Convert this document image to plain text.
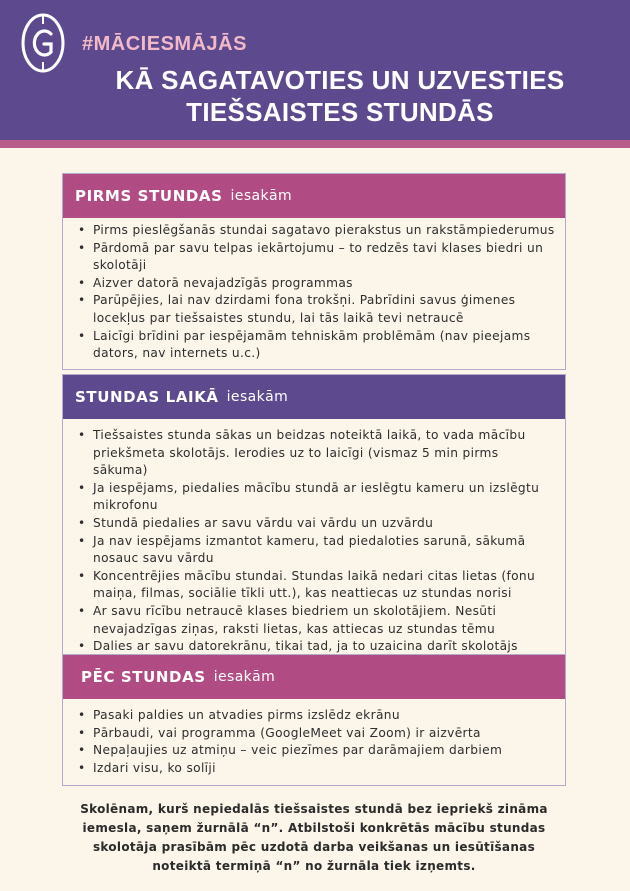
#MĀCIESMĀJĀS
KĀ SAGATAVOTIES UN UZVESTIES
TIEŠSAISTES STUNDĀS
PIRMS STUNDAS iesakām
• Pirms pieslēgšanās stundai sagatavo pierakstus un rakstāmpiederumus
• Pārdomā par savu telpas iekārtojumu – to redzēs tavi klases biedri un skolotāji
• Aizver datorā nevajadzīgās programmas
• Parūpējies, lai nav dzirdami fona trokšņi. Pabrīdini savus ģimenes locekļus par tiešsaistes stundu, lai tās laikā tevi netraucē
• Laicīgi brīdini par iespējamām tehniskām problēmām (nav pieejams dators, nav internets u.c.)
STUNDAS LAIKĀ iesakām
• Tiešsaistes stunda sākas un beidzas noteiktā laikā, to vada mācību priekšmeta skolotājs. Ierodies uz to laicīgi (vismaz 5 min pirms sākuma)
• Ja iespējams, piedalies mācību stundā ar ieslēgtu kameru un izslēgtu mikrofonu
• Stundā piedalies ar savu vārdu vai vārdu un uzvārdu
• Ja nav iespējams izmantot kameru, tad piedaloties sarunā, sākumā nosauc savu vārdu
• Koncentrējies mācību stundai. Stundas laikā nedari citas lietas (fonu maiņa, filmas, sociālie tīkli utt.), kas neattiecas uz stundas norisi
• Ar savu rīcību netraucē klases biedriem un skolotājiem. Nesūti nevajadzīgas ziņas, raksti lietas, kas attiecas uz stundas tēmu
• Dalies ar savu datorekrānu, tikai tad, ja to uzaicina darīt skolotājs
PĒC STUNDAS iesakām
• Pasaki paldies un atvadies pirms izslēdz ekrānu
• Pārbaudi, vai programma (GoogleMeet vai Zoom) ir aizvērta
• Nepaļaujies uz atmiņu – veic piezīmes par darāmajiem darbiem
• Izdari visu, ko solīji
Skolēnam, kurš nepiedalās tiešsaistes stundā bez iepriekš zināma iemesla, saņem žurnālā “n”. Atbilstoši konkrētās mācību stundas skolotāja prasībām pēc uzdotā darba veikšanas un iesūtīšanas noteiktā termiņā “n” no žurnāla tiek izņemts.
